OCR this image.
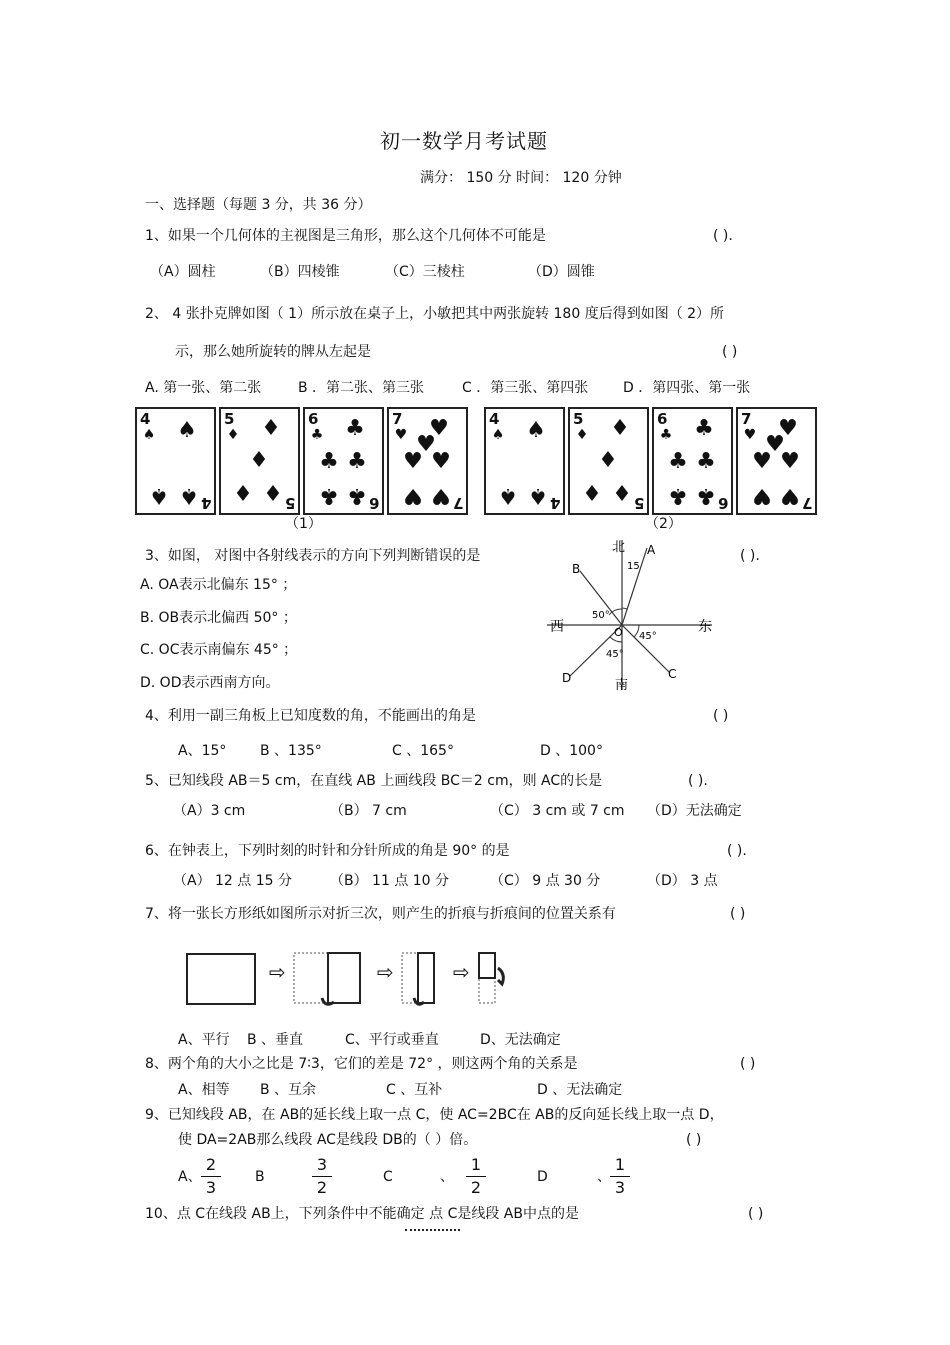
初一数学月考试题
满分： 150 分 时间： 120 分钟
一、选择题（每题 3 分，共 36 分）
1、如果一个几何体的主视图是三角形，那么这个几何体不可能是	( ).
（A）圆柱	（B）四棱锥	（C）三棱柱	（D）圆锥
2、 4 张扑克牌如图（ 1）所示放在桌子上，小敏把其中两张旋转 180 度后得到如图（ 2）所
示，那么她所旋转的牌从左起是	( )
A. 第一张、第二张	B ．第二张、第三张	C ．第三张、第四张 D ．第四张、第一张
4
♠ ♠
♠ ♠ 4
5
♦ ♦
♦
♦ ♦ 5
6
♣ ♣
♣ ♣
♣ ♣ 6
7
♥ ♥
♥
♥ ♥
♥ ♥ 7
（1）
4
♠ ♠
♠ ♠ 4
5
♦ ♦
♦
♦ ♦ 5
6
♣ ♣
♣ ♣
♣ ♣ 6
7
♥ ♥
♥
♥ ♥
♥ ♥ 7
（2）
3、如图， 对图中各射线表示的方向下列判断错误的是	( ).
A. OA表示北偏东 15° ；
B. OB表示北偏西 50° ；
C. OC表示南偏东 45° ；
D. OD表示西南方向。
北
南
西	东
A
B
C
D
O
15
50°
45°
45°
4、利用一副三角板上已知度数的角，不能画出的角是	( )
A、15° B 、135°	C 、165°	D 、100°
5、已知线段 AB＝5 cm，在直线 AB 上画线段 BC＝2 cm，则 AC的长是	( ).
（A）3 cm	（B） 7 cm	（C） 3 cm 或 7 cm （D）无法确定
6、在钟表上，下列时刻的时针和分针所成的角是 90° 的是	( ).
（A） 12 点 15 分	（B） 11 点 10 分	（C） 9 点 30 分	（D） 3 点
7、将一张长方形纸如图所示对折三次，则产生的折痕与折痕间的位置关系有	( )
⇨	⇨	⇨
A、平行 B 、垂直	C、平行或垂直	D、无法确定
8、两个角的大小之比是 7∶3，它们的差是 72° ，则这两个角的关系是	( )
A、相等 B 、互余	C 、互补	D 、无法确定
9、已知线段 AB，在 AB的延长线上取一点 C，使 AC=2BC在 AB的反向延长线上取一点 D，
使 DA=2AB那么线段 AC是线段 DB的（ ）倍。	( )
A、
2
3
B
3
2
C	、
1
2
D	、
1
3
10、点 C在线段 AB上，下列条件中不能确定 点 C是线段 AB中点的是	( )
